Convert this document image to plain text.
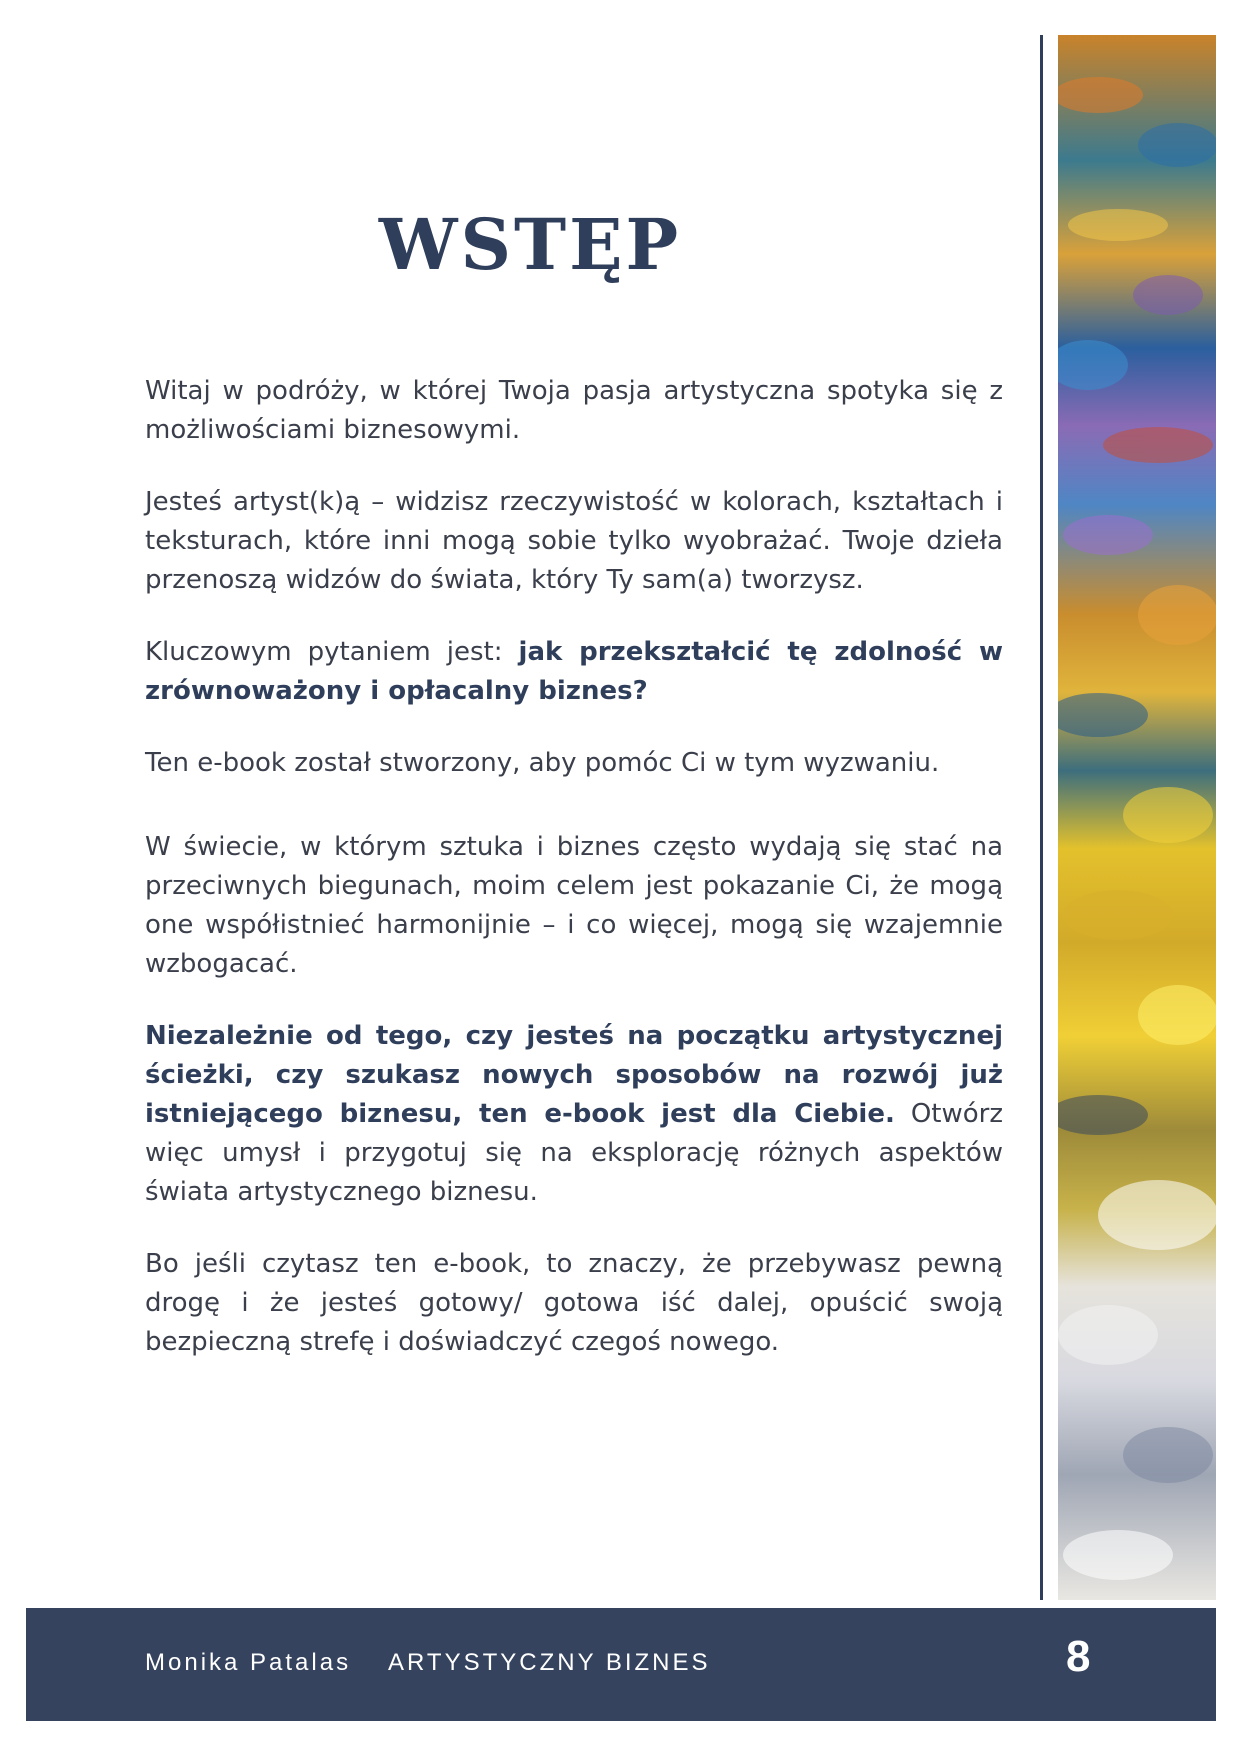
WSTĘP

Witaj w podróży, w której Twoja pasja artystyczna spotyka się z możliwościami biznesowymi.

Jesteś artyst(k)ą – widzisz rzeczywistość w kolorach, kształtach i teksturach, które inni mogą sobie tylko wyobrażać. Twoje dzieła przenoszą widzów do świata, który Ty sam(a) tworzysz.

Kluczowym pytaniem jest: jak przekształcić tę zdolność w zrównoważony i opłacalny biznes?

Ten e-book został stworzony, aby pomóc Ci w tym wyzwaniu.

W świecie, w którym sztuka i biznes często wydają się stać na przeciwnych biegunach, moim celem jest pokazanie Ci, że mogą one współistnieć harmonijnie – i co więcej, mogą się wzajemnie wzbogacać.

Niezależnie od tego, czy jesteś na początku artystycznej ścieżki, czy szukasz nowych sposobów na rozwój już istniejącego biznesu, ten e-book jest dla Ciebie. Otwórz więc umysł i przygotuj się na eksplorację różnych aspektów świata artystycznego biznesu.

Bo jeśli czytasz ten e-book, to znaczy, że przebywasz pewną drogę i że jesteś gotowy/ gotowa iść dalej, opuścić swoją bezpieczną strefę i doświadczyć czegoś nowego.

Monika Patalas ARTYSTYCZNY BIZNES	8
